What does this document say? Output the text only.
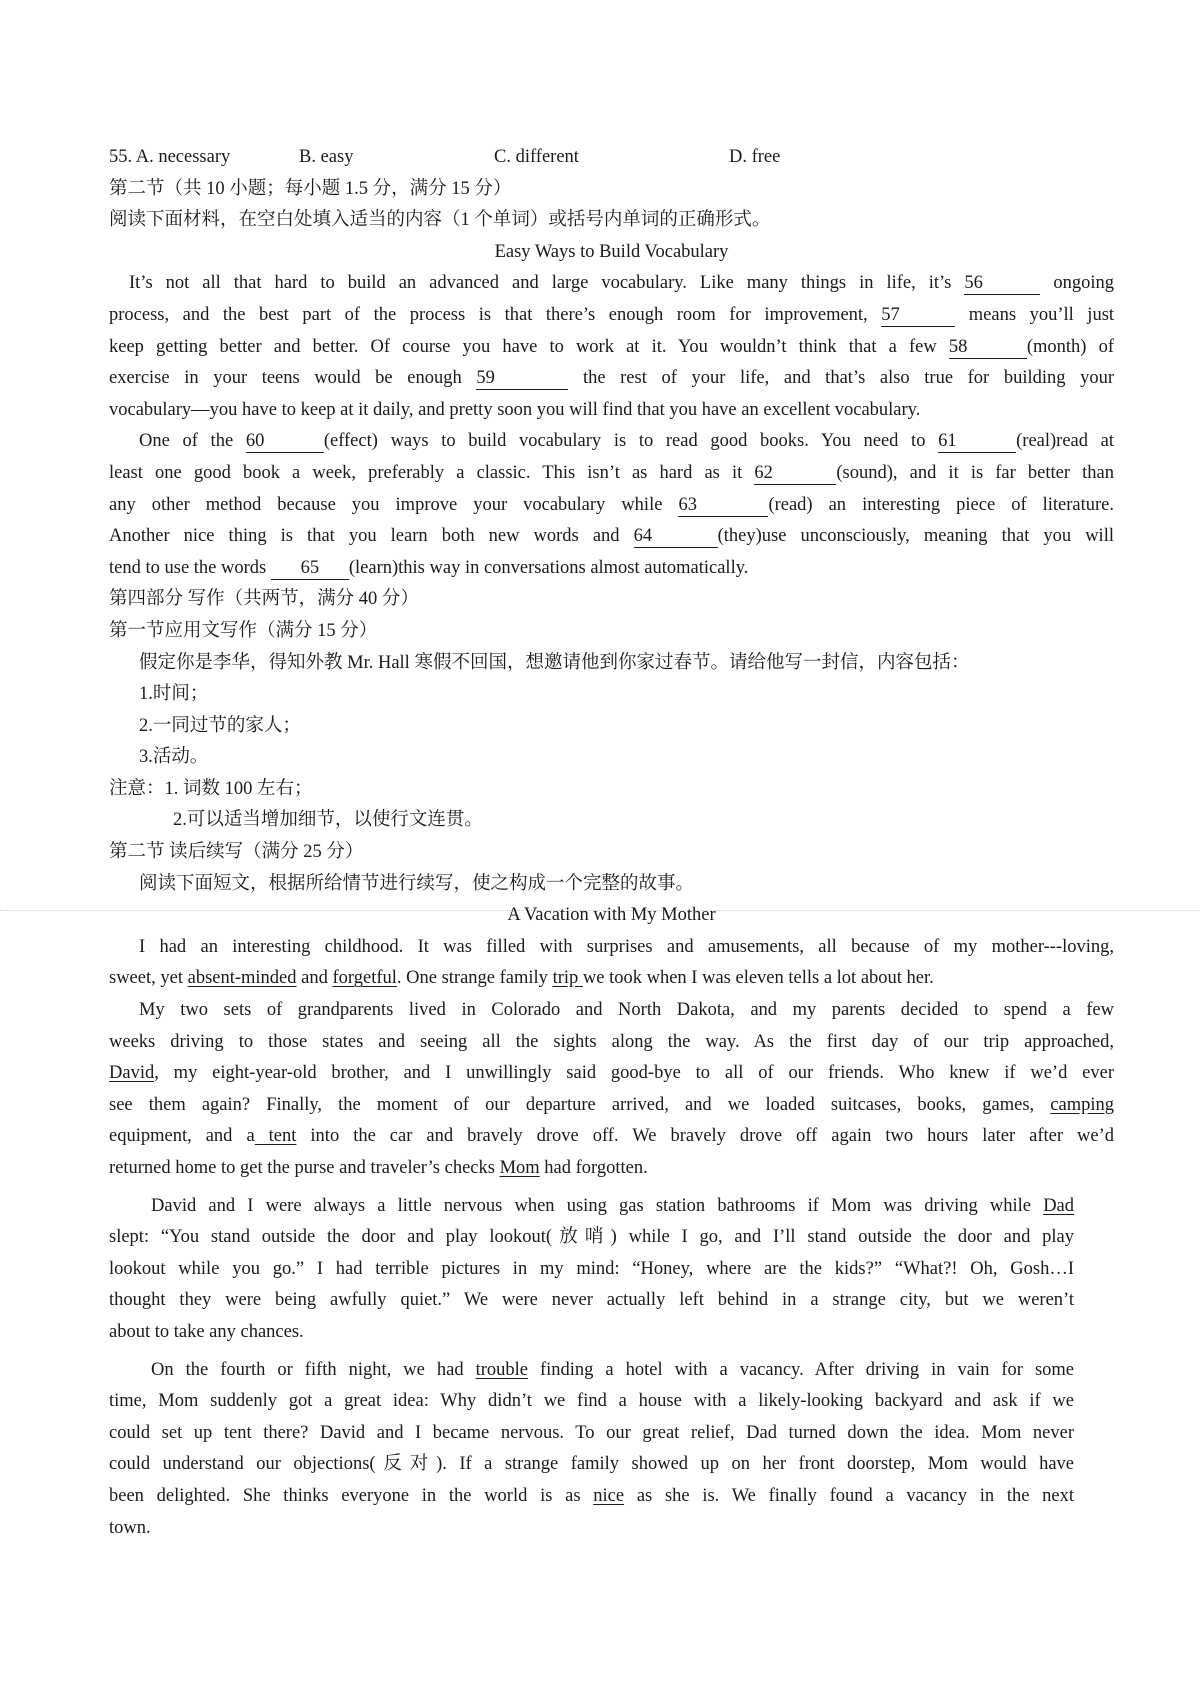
55. A. necessary	B. easy	C. different	D. free
第二节（共 10 小题；每小题 1.5 分，满分 15 分）
阅读下面材料，在空白处填入适当的内容（1 个单词）或括号内单词的正确形式。
Easy Ways to Build Vocabulary
It’s not all that hard to build an advanced and large vocabulary. Like many things in life, it’s 56	ongoing
process, and the best part of the process is that there’s enough room for improvement, 57	means you’ll just
keep getting better and better. Of course you have to work at it. You wouldn’t think that a few 58	(month) of
exercise in your teens would be enough 59	the rest of your life, and that’s also true for building your
vocabulary—you have to keep at it daily, and pretty soon you will find that you have an excellent vocabulary.
One of the 60	(effect) ways to build vocabulary is to read good books. You need to 61	(real)read at
least one good book a week, preferably a classic. This isn’t as hard as it 62	(sound), and it is far better than
any other method because you improve your vocabulary while 63	(read) an interesting piece of literature.
Another nice thing is that you learn both new words and 64	(they)use unconsciously, meaning that you will
tend to use the words 65 (learn)this way in conversations almost automatically.
第四部分 写作（共两节，满分 40 分）
第一节应用文写作（满分 15 分）
假定你是李华，得知外教 Mr. Hall 寒假不回国，想邀请他到你家过春节。请给他写一封信，内容包括：
1.时间；
2.一同过节的家人；
3.活动。
注意：1. 词数 100 左右；
2.可以适当增加细节，以使行文连贯。
第二节 读后续写（满分 25 分）
阅读下面短文，根据所给情节进行续写，使之构成一个完整的故事。
A Vacation with My Mother
I had an interesting childhood. It was filled with surprises and amusements, all because of my mother---loving,
sweet, yet absent-minded and forgetful. One strange family trip we took when I was eleven tells a lot about her.
My two sets of grandparents lived in Colorado and North Dakota, and my parents decided to spend a few
weeks driving to those states and seeing all the sights along the way. As the first day of our trip approached,
David, my eight-year-old brother, and I unwillingly said good-bye to all of our friends. Who knew if we’d ever
see them again? Finally, the moment of our departure arrived, and we loaded suitcases, books, games, camping
equipment, and a tent into the car and bravely drove off. We bravely drove off again two hours later after we’d
returned home to get the purse and traveler’s checks Mom had forgotten.
David and I were always a little nervous when using gas station bathrooms if Mom was driving while Dad
slept: “You stand outside the door and play lookout(放哨) while I go, and I’ll stand outside the door and play
lookout while you go.” I had terrible pictures in my mind: “Honey, where are the kids?” “What?! Oh, Gosh…I
thought they were being awfully quiet.” We were never actually left behind in a strange city, but we weren’t
about to take any chances.
On the fourth or fifth night, we had trouble finding a hotel with a vacancy. After driving in vain for some
time, Mom suddenly got a great idea: Why didn’t we find a house with a likely-looking backyard and ask if we
could set up tent there? David and I became nervous. To our great relief, Dad turned down the idea. Mom never
could understand our objections(反对). If a strange family showed up on her front doorstep, Mom would have
been delighted. She thinks everyone in the world is as nice as she is. We finally found a vacancy in the next
town.
